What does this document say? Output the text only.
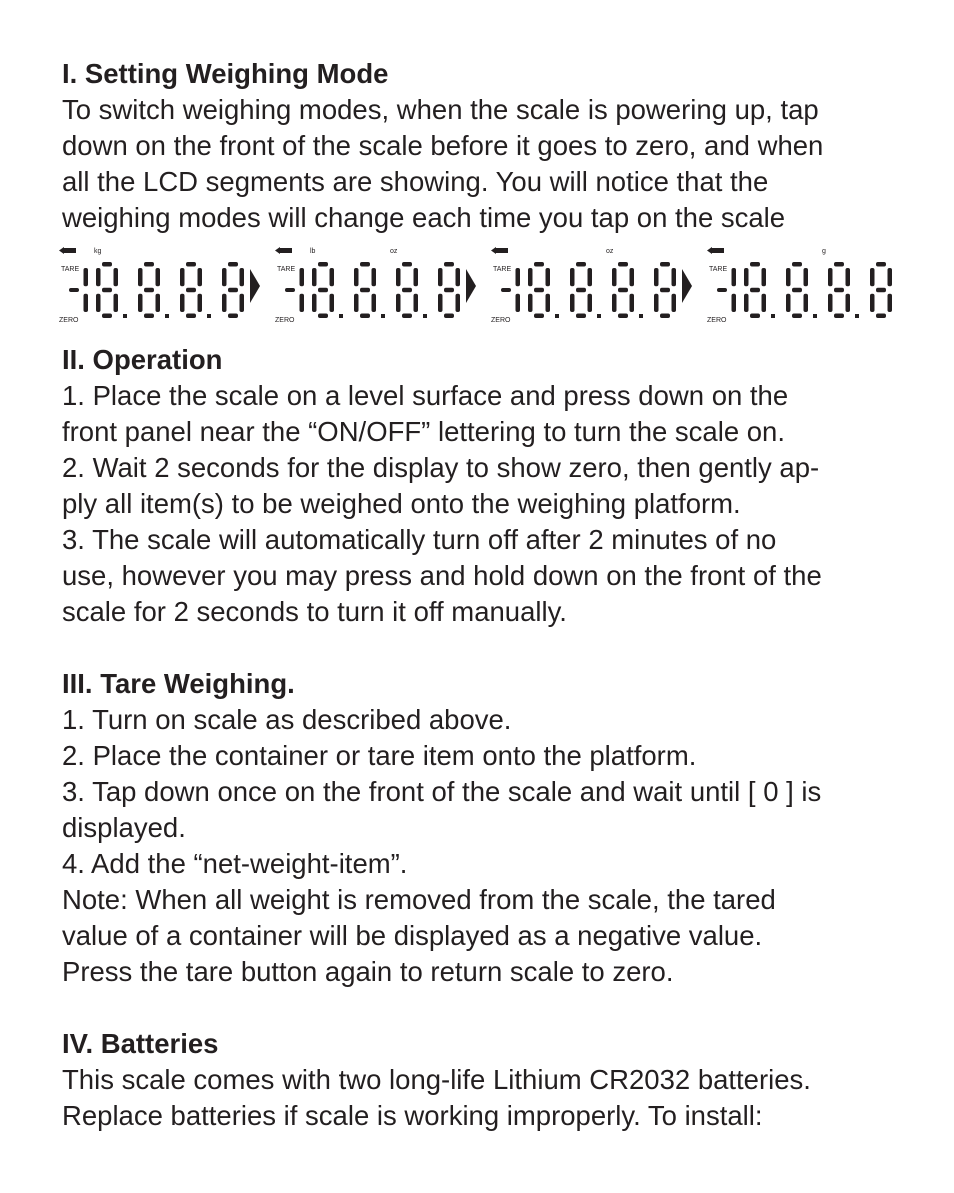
I. Setting Weighing Mode

To switch weighing modes, when the scale is powering up, tap

down on the front of the scale before it goes to zero, and when

all the LCD segments are showing. You will notice that the

weighing modes will change each time you tap on the scale

TARE
ZERO
kg
TARE
ZERO
lb	oz
TARE
ZERO
oz
TARE
ZERO
g
II. Operation

1. Place the scale on a level surface and press down on the

front panel near the “ON/OFF” lettering to turn the scale on.

2. Wait 2 seconds for the display to show zero, then gently ap-

ply all item(s) to be weighed onto the weighing platform.

3. The scale will automatically turn off after 2 minutes of no

use, however you may press and hold down on the front of the

scale for 2 seconds to turn it off manually.

III. Tare Weighing.

1. Turn on scale as described above.

2. Place the container or tare item onto the platform.

3. Tap down once on the front of the scale and wait until [ 0 ] is

displayed.

4. Add the “net-weight-item”.

Note: When all weight is removed from the scale, the tared

value of a container will be displayed as a negative value.

Press the tare button again to return scale to zero.

IV. Batteries

This scale comes with two long-life Lithium CR2032 batteries.

Replace batteries if scale is working improperly. To install:
